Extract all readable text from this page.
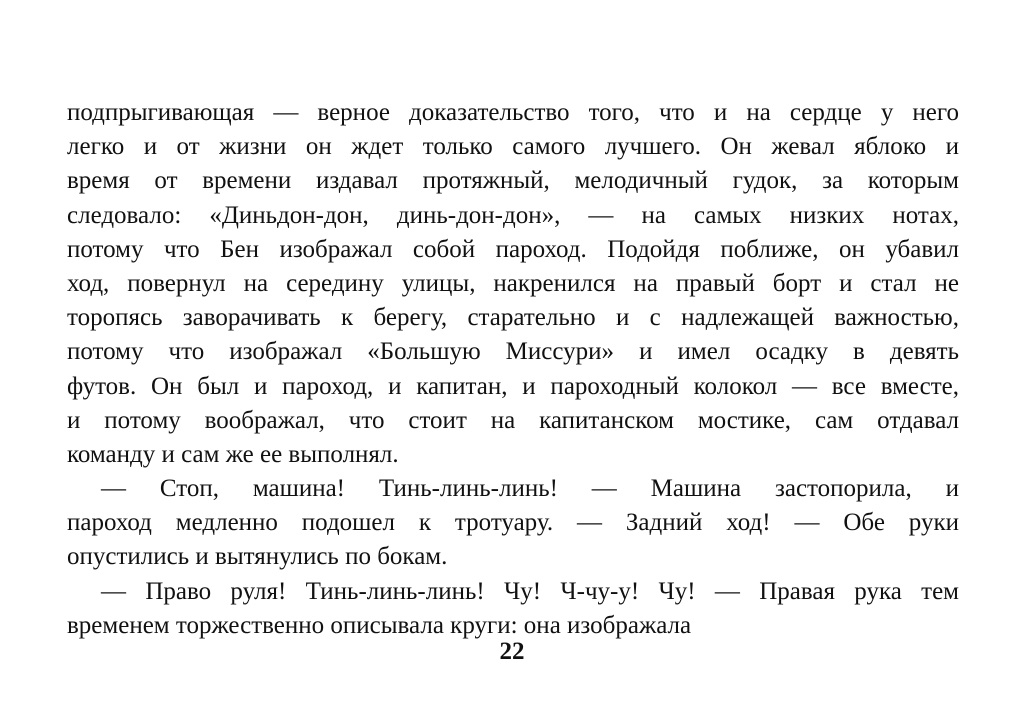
подпрыгивающая — верное доказательство того, что и на сердце у него
легко и от жизни он ждет только самого лучшего. Он жевал яблоко и
время от времени издавал протяжный, мелодичный гудок, за которым
следовало: «Диньдон-дон, динь-дон-дон», — на самых низких нотах,
потому что Бен изображал собой пароход. Подойдя поближе, он убавил
ход, повернул на середину улицы, накренился на правый борт и стал не
торопясь заворачивать к берегу, старательно и с надлежащей важностью,
потому что изображал «Большую Миссури» и имел осадку в девять
футов. Он был и пароход, и капитан, и пароходный колокол — все вместе,
и потому воображал, что стоит на капитанском мостике, сам отдавал
команду и сам же ее выполнял.
— Стоп, машина! Тинь-линь-линь! — Машина застопорила, и
пароход медленно подошел к тротуару. — Задний ход! — Обе руки
опустились и вытянулись по бокам.
— Право руля! Тинь-линь-линь! Чу! Ч-чу-у! Чу! — Правая рука тем
временем торжественно описывала круги: она изображала
22
